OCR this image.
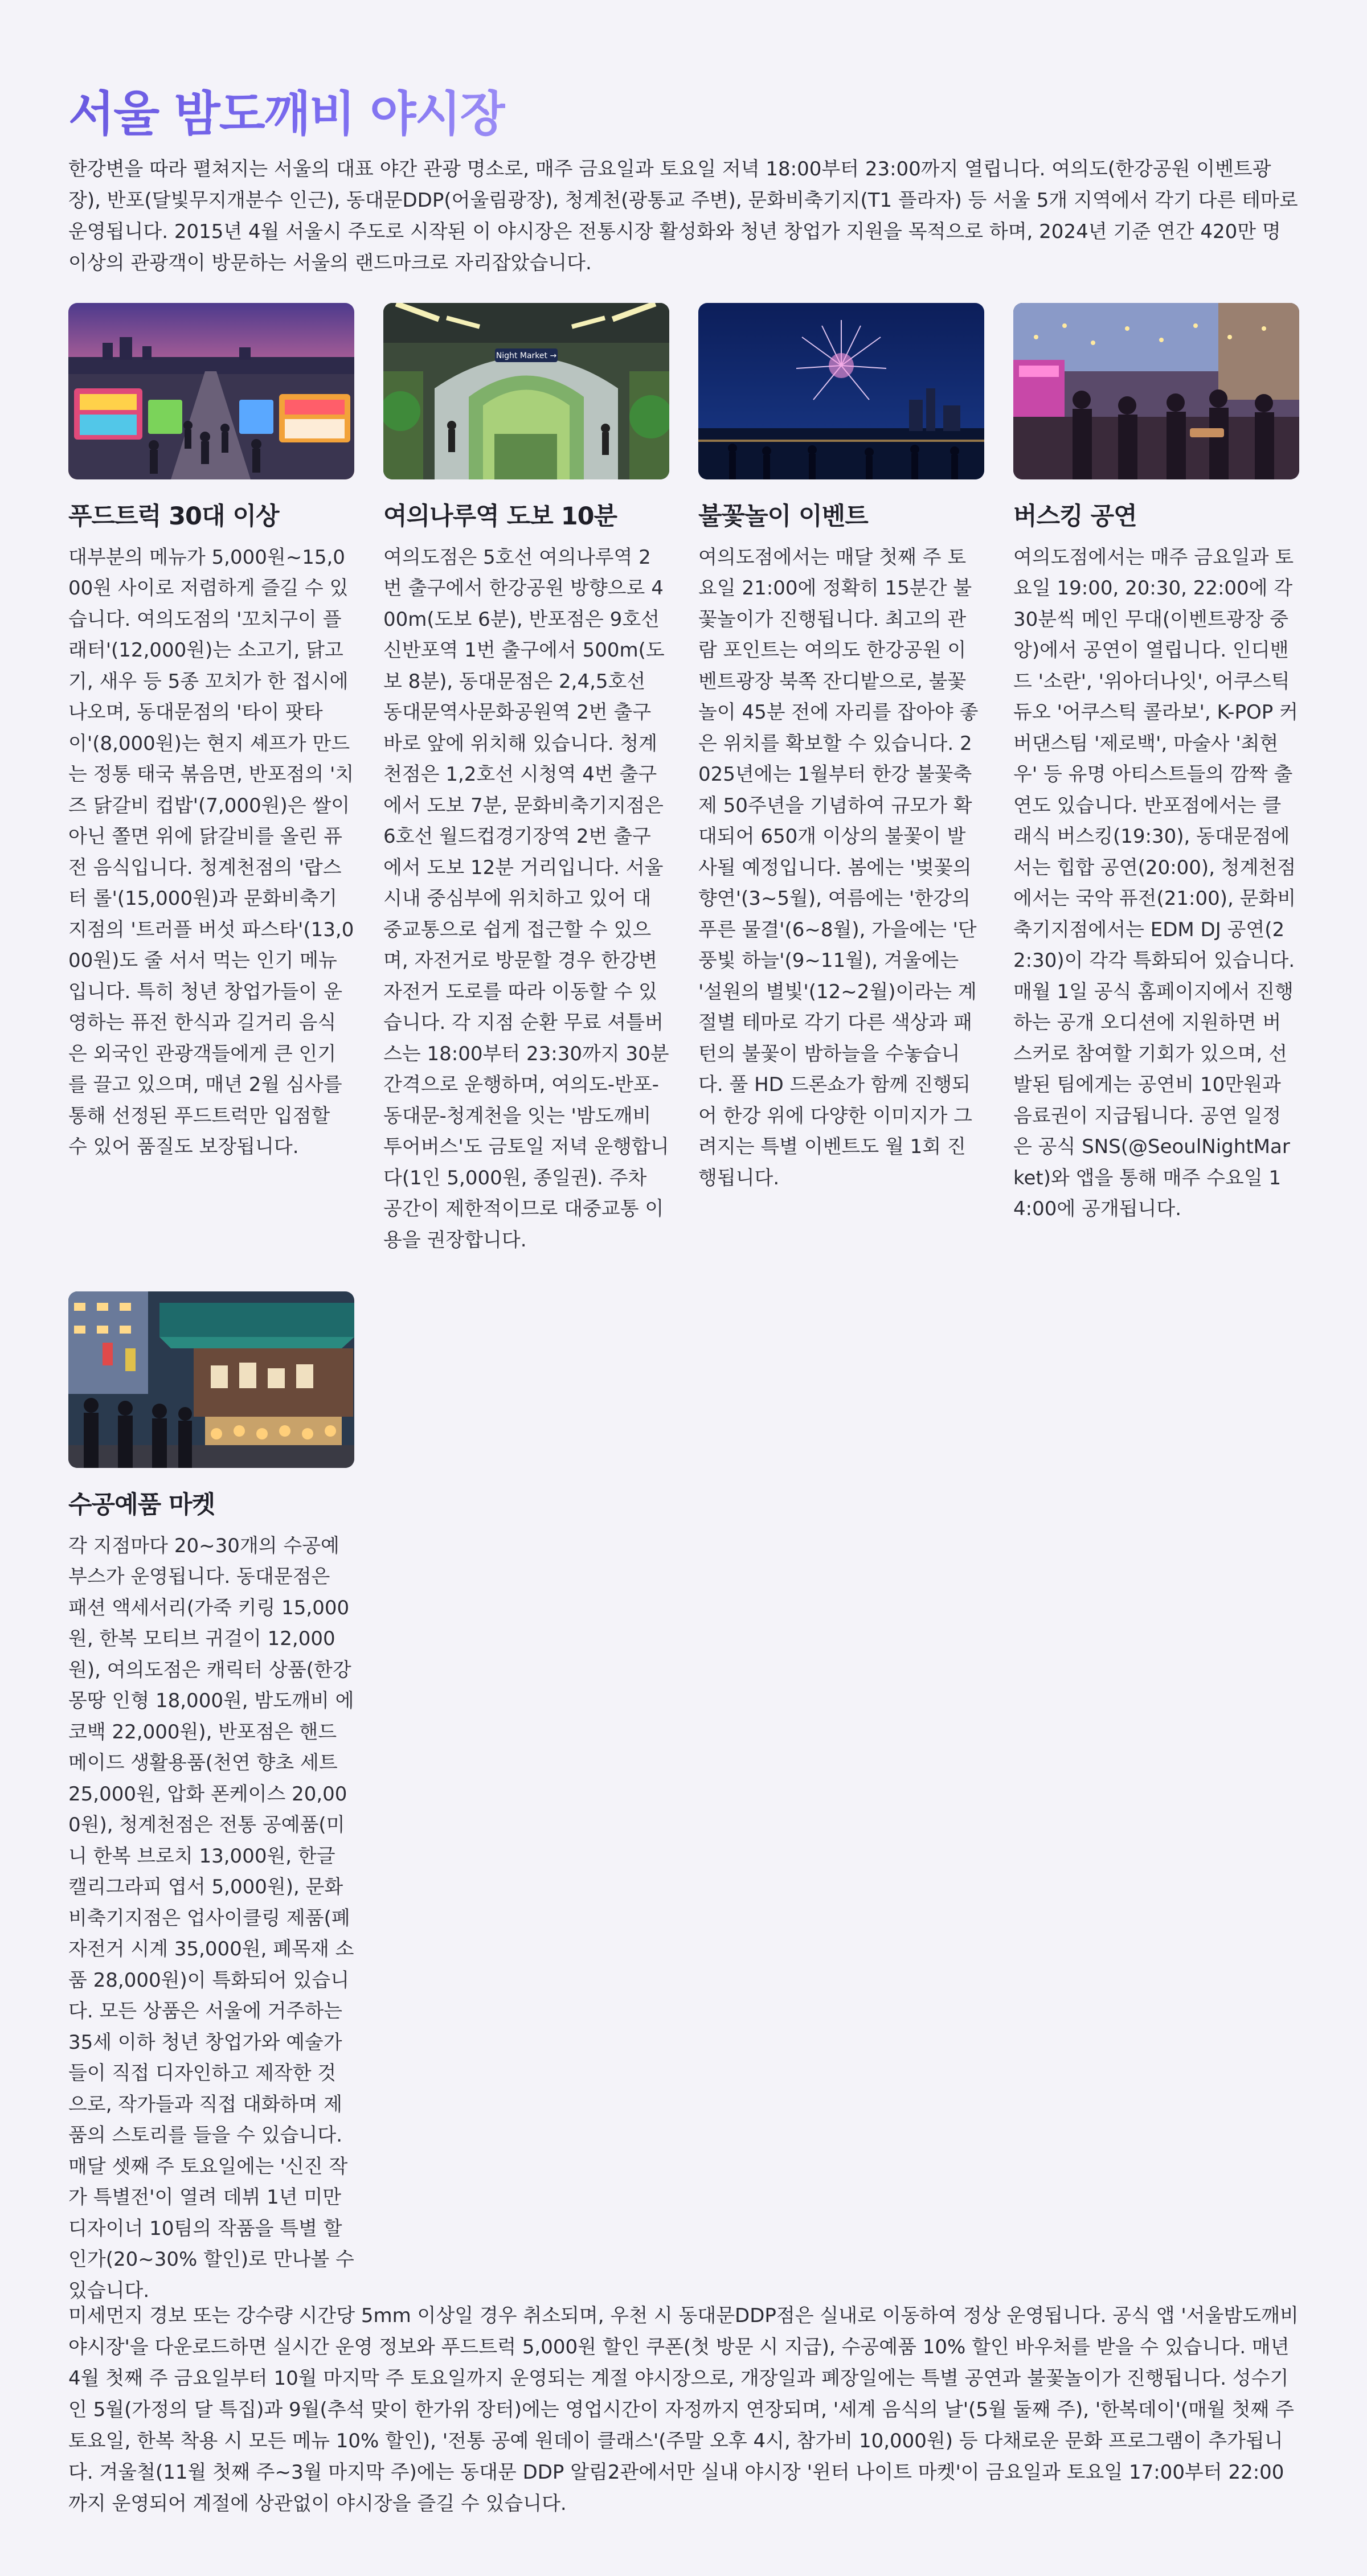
서울 밤도깨비 야시장

한강변을 따라 펼쳐지는 서울의 대표 야간 관광 명소로, 매주 금요일과 토요일 저녁 18:00부터 23:00까지 열립니다. 여의도(한강공원 이벤트광장), 반포(달빛무지개분수 인근), 동대문DDP(어울림광장), 청계천(광통교 주변), 문화비축기지(T1 플라자) 등 서울 5개 지역에서 각기 다른 테마로 운영됩니다. 2015년 4월 서울시 주도로 시작된 이 야시장은 전통시장 활성화와 청년 창업가 지원을 목적으로 하며, 2024년 기준 연간 420만 명 이상의 관광객이 방문하는 서울의 랜드마크로 자리잡았습니다.

푸드트럭 30대 이상

대부분의 메뉴가 5,000원~15,000원 사이로 저렴하게 즐길 수 있습니다. 여의도점의 '꼬치구이 플래터'(12,000원)는 소고기, 닭고기, 새우 등 5종 꼬치가 한 접시에 나오며, 동대문점의 '타이 팟타이'(8,000원)는 현지 셰프가 만드는 정통 태국 볶음면, 반포점의 '치즈 닭갈비 컵밥'(7,000원)은 쌀이 아닌 쫄면 위에 닭갈비를 올린 퓨전 음식입니다. 청계천점의 '랍스터 롤'(15,000원)과 문화비축기지점의 '트러플 버섯 파스타'(13,000원)도 줄 서서 먹는 인기 메뉴입니다. 특히 청년 창업가들이 운영하는 퓨전 한식과 길거리 음식은 외국인 관광객들에게 큰 인기를 끌고 있으며, 매년 2월 심사를 통해 선정된 푸드트럭만 입점할 수 있어 품질도 보장됩니다.

Night Market →
여의나루역 도보 10분

여의도점은 5호선 여의나루역 2번 출구에서 한강공원 방향으로 400m(도보 6분), 반포점은 9호선 신반포역 1번 출구에서 500m(도보 8분), 동대문점은 2,4,5호선 동대문역사문화공원역 2번 출구 바로 앞에 위치해 있습니다. 청계천점은 1,2호선 시청역 4번 출구에서 도보 7분, 문화비축기지점은 6호선 월드컵경기장역 2번 출구에서 도보 12분 거리입니다. 서울 시내 중심부에 위치하고 있어 대중교통으로 쉽게 접근할 수 있으며, 자전거로 방문할 경우 한강변 자전거 도로를 따라 이동할 수 있습니다. 각 지점 순환 무료 셔틀버스는 18:00부터 23:30까지 30분 간격으로 운행하며, 여의도-반포-동대문-청계천을 잇는 '밤도깨비 투어버스'도 금토일 저녁 운행합니다(1인 5,000원, 종일권). 주차 공간이 제한적이므로 대중교통 이용을 권장합니다.

불꽃놀이 이벤트

여의도점에서는 매달 첫째 주 토요일 21:00에 정확히 15분간 불꽃놀이가 진행됩니다. 최고의 관람 포인트는 여의도 한강공원 이벤트광장 북쪽 잔디밭으로, 불꽃놀이 45분 전에 자리를 잡아야 좋은 위치를 확보할 수 있습니다. 2025년에는 1월부터 한강 불꽃축제 50주년을 기념하여 규모가 확대되어 650개 이상의 불꽃이 발사될 예정입니다. 봄에는 '벚꽃의 향연'(3~5월), 여름에는 '한강의 푸른 물결'(6~8월), 가을에는 '단풍빛 하늘'(9~11월), 겨울에는 '설원의 별빛'(12~2월)이라는 계절별 테마로 각기 다른 색상과 패턴의 불꽃이 밤하늘을 수놓습니다. 풀 HD 드론쇼가 함께 진행되어 한강 위에 다양한 이미지가 그려지는 특별 이벤트도 월 1회 진행됩니다.

버스킹 공연

여의도점에서는 매주 금요일과 토요일 19:00, 20:30, 22:00에 각 30분씩 메인 무대(이벤트광장 중앙)에서 공연이 열립니다. 인디밴드 '소란', '위아더나잇', 어쿠스틱 듀오 '어쿠스틱 콜라보', K-POP 커버댄스팀 '제로백', 마술사 '최현우' 등 유명 아티스트들의 깜짝 출연도 있습니다. 반포점에서는 클래식 버스킹(19:30), 동대문점에서는 힙합 공연(20:00), 청계천점에서는 국악 퓨전(21:00), 문화비축기지점에서는 EDM DJ 공연(22:30)이 각각 특화되어 있습니다. 매월 1일 공식 홈페이지에서 진행하는 공개 오디션에 지원하면 버스커로 참여할 기회가 있으며, 선발된 팀에게는 공연비 10만원과 음료권이 지급됩니다. 공연 일정은 공식 SNS(@SeoulNightMarket)와 앱을 통해 매주 수요일 14:00에 공개됩니다.

수공예품 마켓

각 지점마다 20~30개의 수공예 부스가 운영됩니다. 동대문점은 패션 액세서리(가죽 키링 15,000원, 한복 모티브 귀걸이 12,000원), 여의도점은 캐릭터 상품(한강 몽땅 인형 18,000원, 밤도깨비 에코백 22,000원), 반포점은 핸드메이드 생활용품(천연 향초 세트 25,000원, 압화 폰케이스 20,000원), 청계천점은 전통 공예품(미니 한복 브로치 13,000원, 한글 캘리그라피 엽서 5,000원), 문화비축기지점은 업사이클링 제품(폐자전거 시계 35,000원, 폐목재 소품 28,000원)이 특화되어 있습니다. 모든 상품은 서울에 거주하는 35세 이하 청년 창업가와 예술가들이 직접 디자인하고 제작한 것으로, 작가들과 직접 대화하며 제품의 스토리를 들을 수 있습니다. 매달 셋째 주 토요일에는 '신진 작가 특별전'이 열려 데뷔 1년 미만 디자이너 10팀의 작품을 특별 할인가(20~30% 할인)로 만나볼 수 있습니다.

미세먼지 경보 또는 강수량 시간당 5mm 이상일 경우 취소되며, 우천 시 동대문DDP점은 실내로 이동하여 정상 운영됩니다. 공식 앱 '서울밤도깨비야시장'을 다운로드하면 실시간 운영 정보와 푸드트럭 5,000원 할인 쿠폰(첫 방문 시 지급), 수공예품 10% 할인 바우처를 받을 수 있습니다. 매년 4월 첫째 주 금요일부터 10월 마지막 주 토요일까지 운영되는 계절 야시장으로, 개장일과 폐장일에는 특별 공연과 불꽃놀이가 진행됩니다. 성수기인 5월(가정의 달 특집)과 9월(추석 맞이 한가위 장터)에는 영업시간이 자정까지 연장되며, '세계 음식의 날'(5월 둘째 주), '한복데이'(매월 첫째 주 토요일, 한복 착용 시 모든 메뉴 10% 할인), '전통 공예 원데이 클래스'(주말 오후 4시, 참가비 10,000원) 등 다채로운 문화 프로그램이 추가됩니다. 겨울철(11월 첫째 주~3월 마지막 주)에는 동대문 DDP 알림2관에서만 실내 야시장 '윈터 나이트 마켓'이 금요일과 토요일 17:00부터 22:00까지 운영되어 계절에 상관없이 야시장을 즐길 수 있습니다.
